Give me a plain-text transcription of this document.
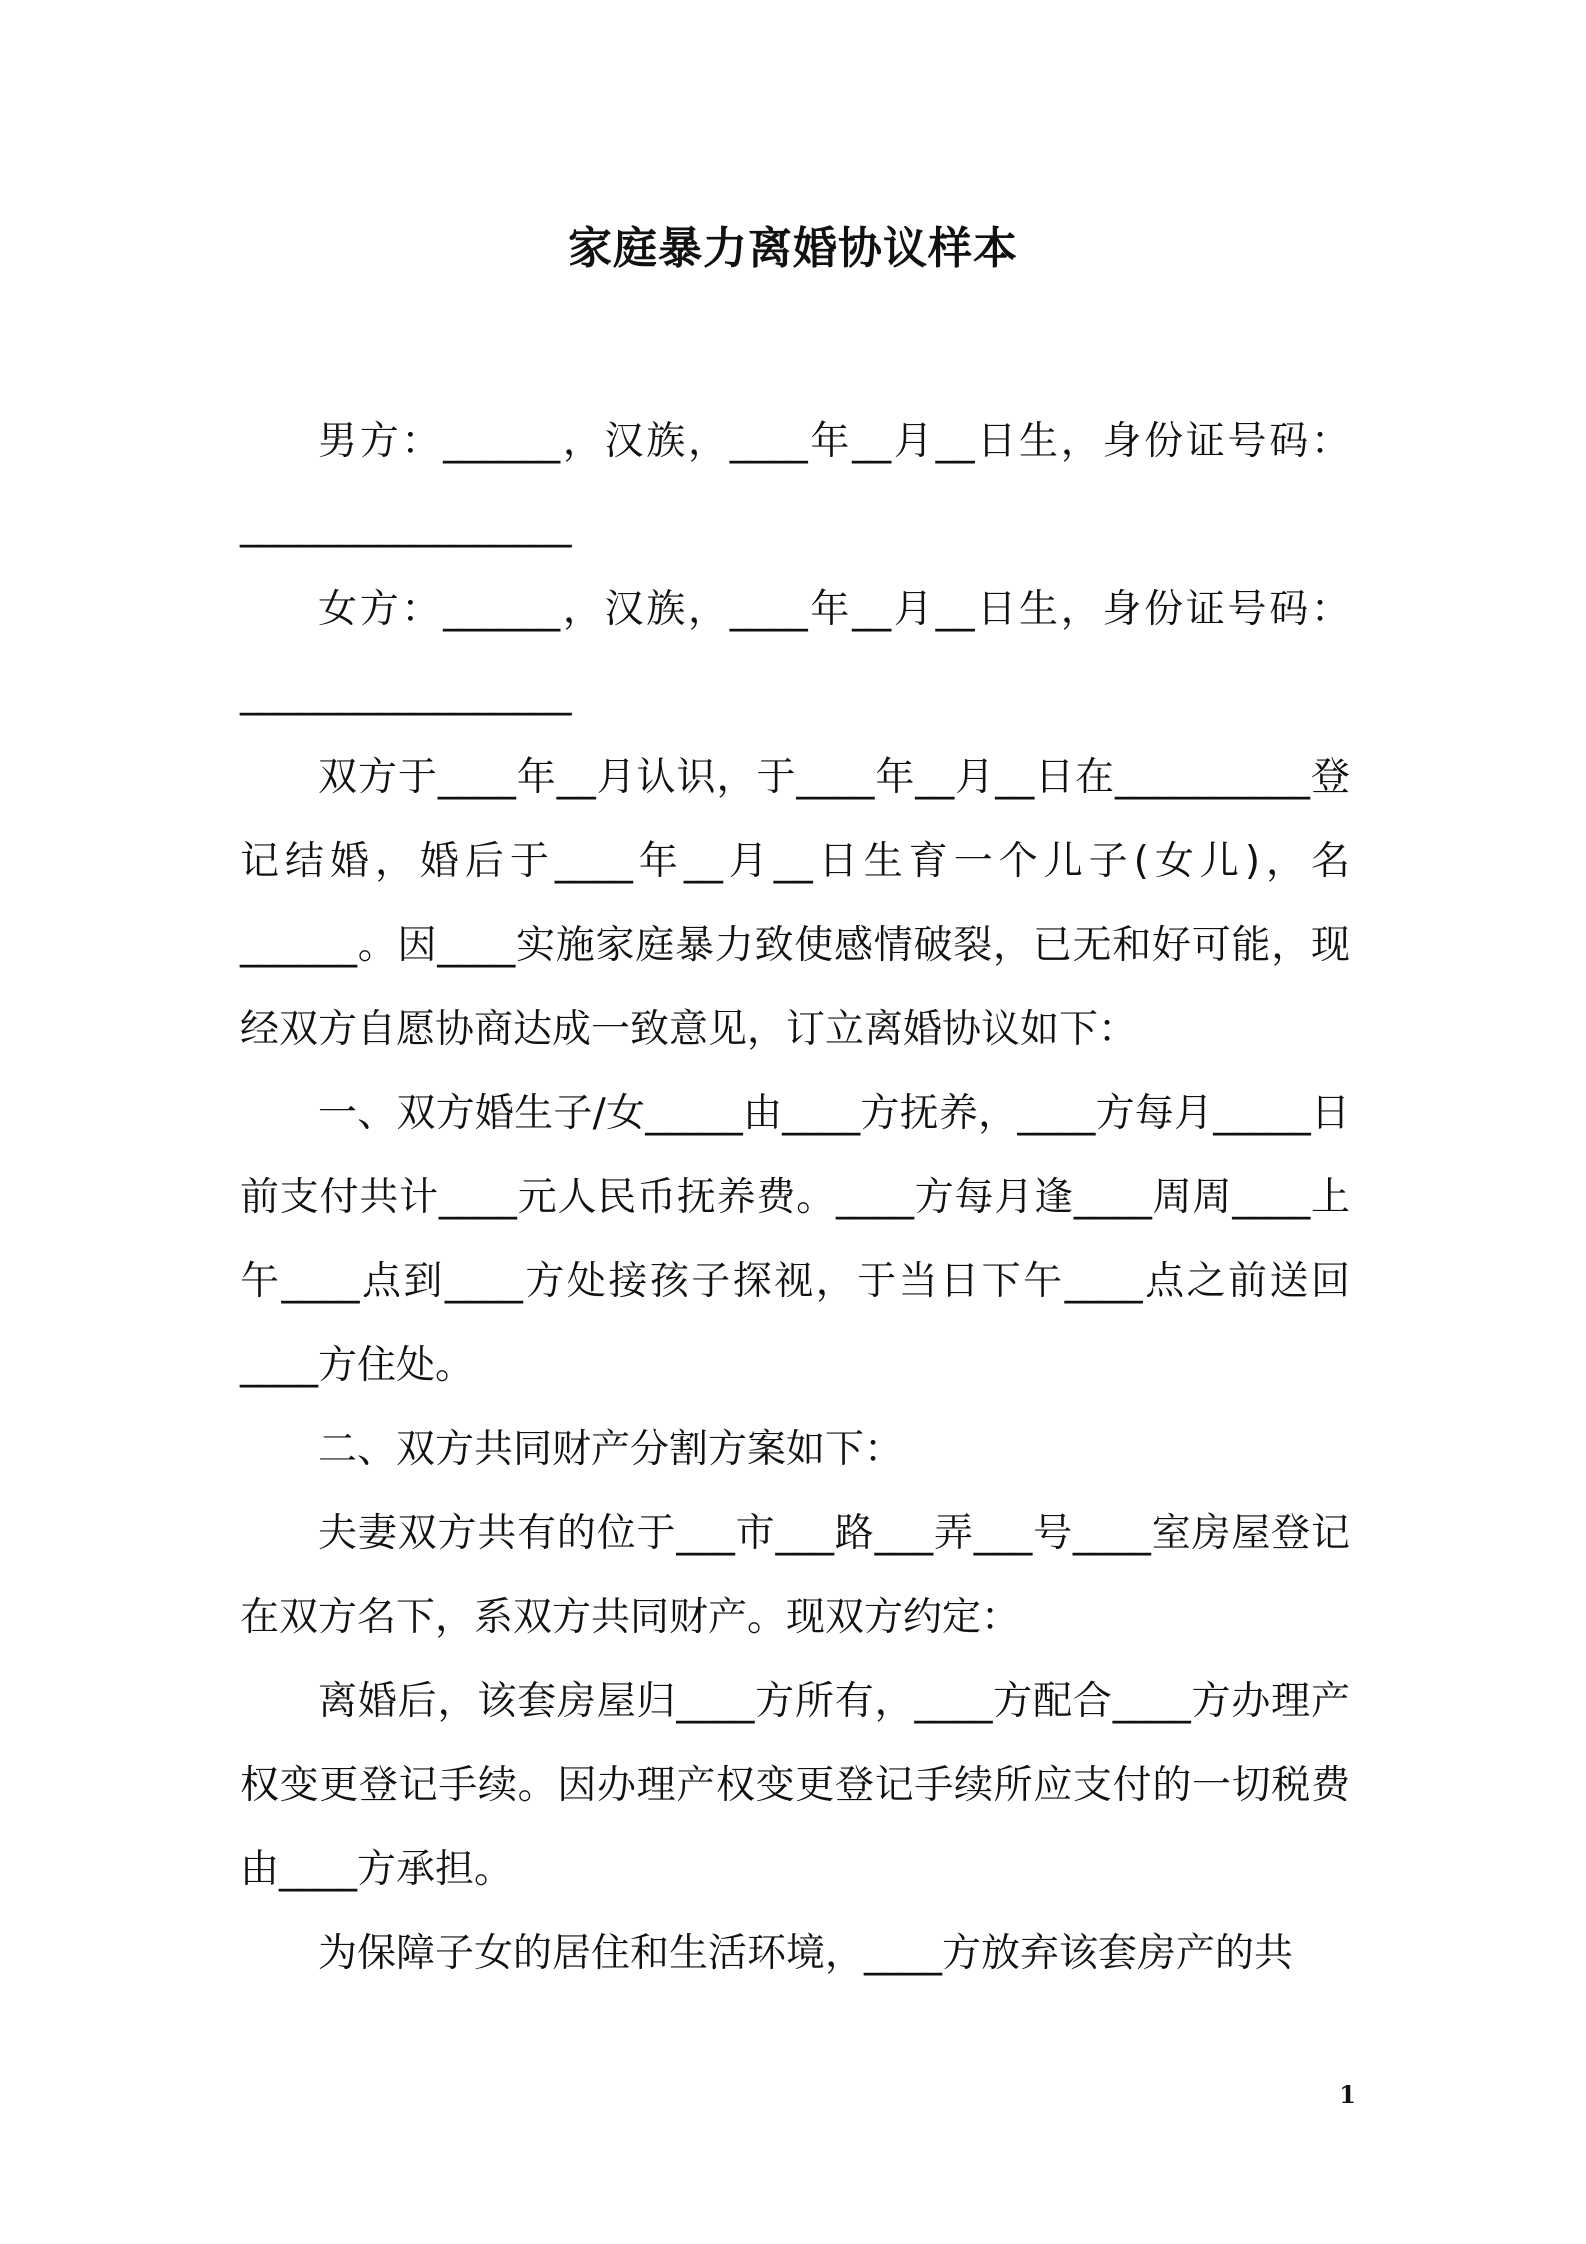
家庭暴力离婚协议样本

男方：______，汉族，____年__月__日生，身份证号码：_________________

女方：______，汉族，____年__月__日生，身份证号码：_________________

双方于____年__月认识，于____年__月__日在__________登记结婚，婚后于____年__月__日生育一个儿子(女儿)，名______。因____实施家庭暴力致使感情破裂，已无和好可能，现经双方自愿协商达成一致意见，订立离婚协议如下：

一、双方婚生子/女_____由____方抚养，____方每月_____日前支付共计____元人民币抚养费。____方每月逢____周周____上午____点到____方处接孩子探视，于当日下午____点之前送回____方住处。

二、双方共同财产分割方案如下：

夫妻双方共有的位于___市___路___弄___号____室房屋登记在双方名下，系双方共同财产。现双方约定：

离婚后，该套房屋归____方所有，____方配合____方办理产权变更登记手续。因办理产权变更登记手续所应支付的一切税费由____方承担。

为保障子女的居住和生活环境，____方放弃该套房产的共

1
